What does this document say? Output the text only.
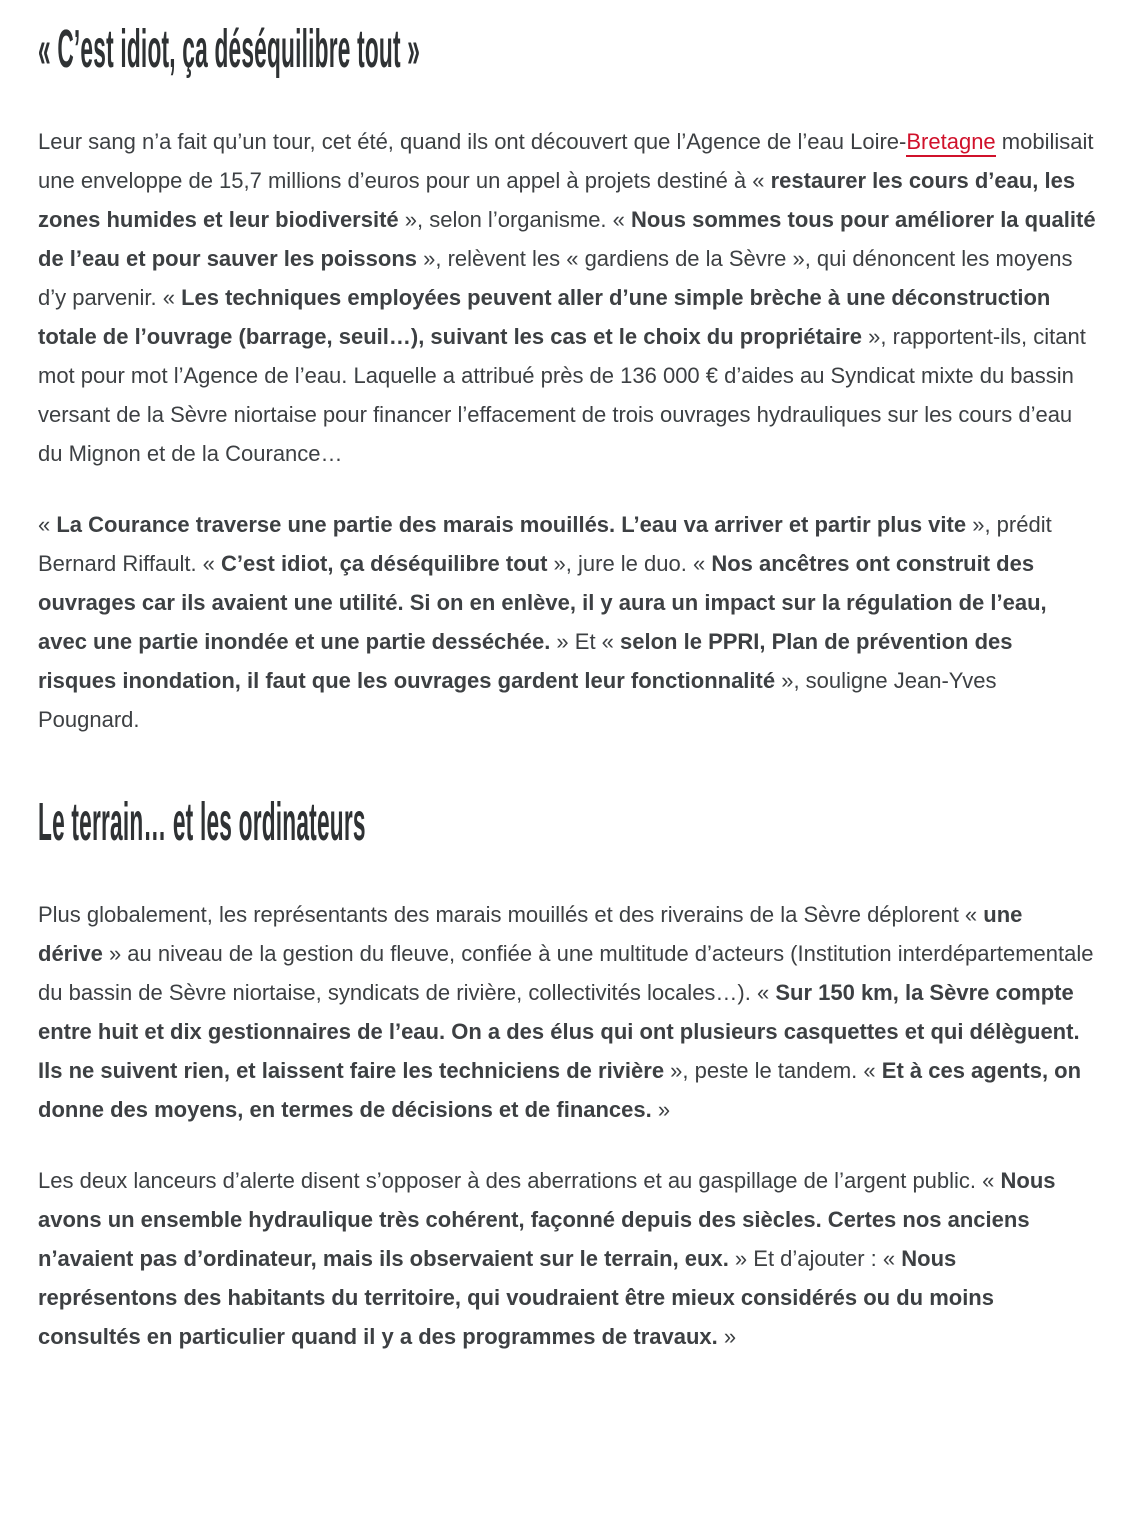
« C’est idiot, ça déséquilibre tout »

Leur sang n’a fait qu’un tour, cet été, quand ils ont découvert que l’Agence de l’eau Loire-Bretagne mobilisait une enveloppe de 15,7 millions d’euros pour un appel à projets destiné à « restaurer les cours d’eau, les zones humides et leur biodiversité », selon l’organisme. « Nous sommes tous pour améliorer la qualité de l’eau et pour sauver les poissons », relèvent les « gardiens de la Sèvre », qui dénoncent les moyens d’y parvenir. « Les techniques employées peuvent aller d’une simple brèche à une déconstruction totale de l’ouvrage (barrage, seuil…), suivant les cas et le choix du propriétaire », rapportent-ils, citant mot pour mot l’Agence de l’eau. Laquelle a attribué près de 136 000 € d’aides au Syndicat mixte du bassin versant de la Sèvre niortaise pour financer l’effacement de trois ouvrages hydrauliques sur les cours d’eau du Mignon et de la Courance…

« La Courance traverse une partie des marais mouillés. L’eau va arriver et partir plus vite », prédit Bernard Riffault. « C’est idiot, ça déséquilibre tout », jure le duo. « Nos ancêtres ont construit des ouvrages car ils avaient une utilité. Si on en enlève, il y aura un impact sur la régulation de l’eau, avec une partie inondée et une partie desséchée. » Et « selon le PPRI, Plan de prévention des risques inondation, il faut que les ouvrages gardent leur fonctionnalité », souligne Jean-Yves Pougnard.

Le terrain… et les ordinateurs

Plus globalement, les représentants des marais mouillés et des riverains de la Sèvre déplorent « une dérive » au niveau de la gestion du fleuve, confiée à une multitude d’acteurs (Institution interdépartementale du bassin de Sèvre niortaise, syndicats de rivière, collectivités locales…). « Sur 150 km, la Sèvre compte entre huit et dix gestionnaires de l’eau. On a des élus qui ont plusieurs casquettes et qui délèguent. Ils ne suivent rien, et laissent faire les techniciens de rivière », peste le tandem. « Et à ces agents, on donne des moyens, en termes de décisions et de finances. »

Les deux lanceurs d’alerte disent s’opposer à des aberrations et au gaspillage de l’argent public. « Nous avons un ensemble hydraulique très cohérent, façonné depuis des siècles. Certes nos anciens n’avaient pas d’ordinateur, mais ils observaient sur le terrain, eux. » Et d’ajouter : « Nous représentons des habitants du territoire, qui voudraient être mieux considérés ou du moins consultés en particulier quand il y a des programmes de travaux. »
